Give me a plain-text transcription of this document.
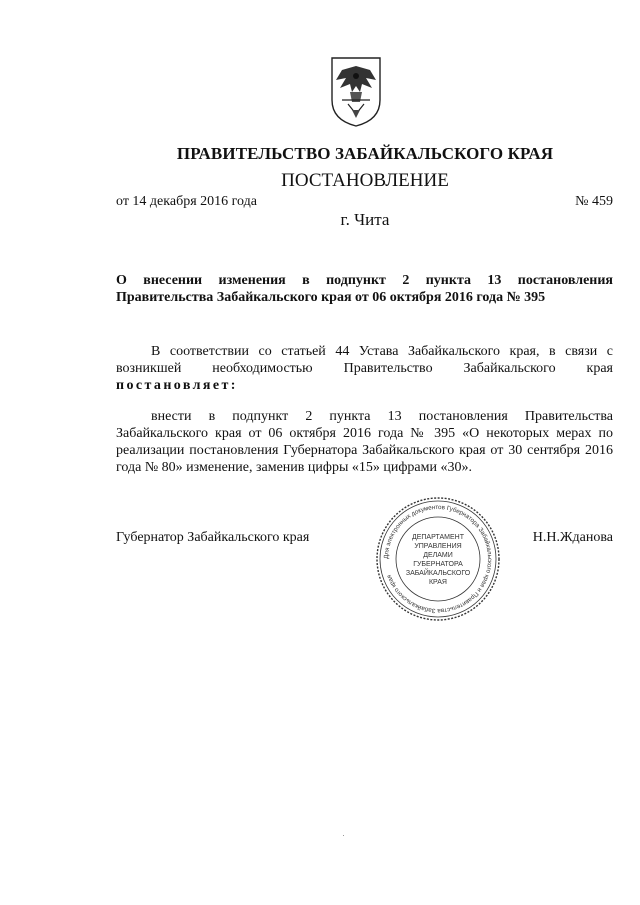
ПРАВИТЕЛЬСТВО ЗАБАЙКАЛЬСКОГО КРАЯ
ПОСТАНОВЛЕНИЕ
от 14 декабря 2016 года	№ 459
г. Чита
О внесении изменения в подпункт 2 пункта 13 постановления
Правительства Забайкальского края от 06 октября 2016 года № 395
В соответствии со статьей 44 Устава Забайкальского края, в связи с
возникшей необходимостью Правительство Забайкальского края
постановляет:
внести в подпункт 2 пункта 13 постановления Правительства Забайкальского края от 06 октября 2016 года № 395 «О некоторых мерах по реализации постановления Губернатора Забайкальского края от 30 сентября 2016 года № 80» изменение, заменив цифры «15» цифрами «30».
Губернатор Забайкальского края	Н.Н.Жданова
Для электронных документов Губернатора Забайкальского края и Правительства Забайкальского края
ДЕПАРТАМЕНТ
УПРАВЛЕНИЯ
ДЕЛАМИ
ГУБЕРНАТОРА
ЗАБАЙКАЛЬСКОГО
КРАЯ
